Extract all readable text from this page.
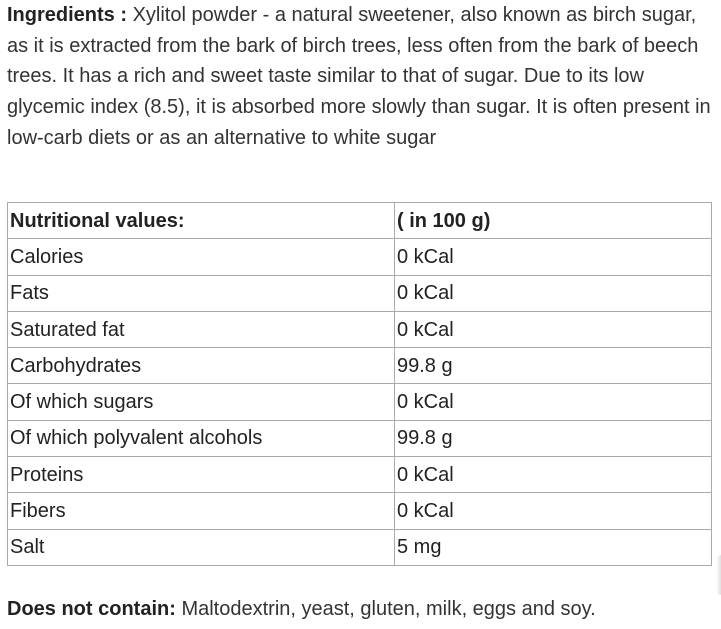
Ingredients : Xylitol powder - a natural sweetener, also known as birch sugar, as it is extracted from the bark of birch trees, less often from the bark of beech trees. It has a rich and sweet taste similar to that of sugar. Due to its low glycemic index (8.5), it is absorbed more slowly than sugar. It is often present in low-carb diets or as an alternative to white sugar

Nutritional values:	( in 100 g)
Calories	0 kCal
Fats	0 kCal
Saturated fat	0 kCal
Carbohydrates	99.8 g
Of which sugars	0 kCal
Of which polyvalent alcohols	99.8 g
Proteins	0 kCal
Fibers	0 kCal
Salt	5 mg

Does not contain: Maltodextrin, yeast, gluten, milk, eggs and soy.
